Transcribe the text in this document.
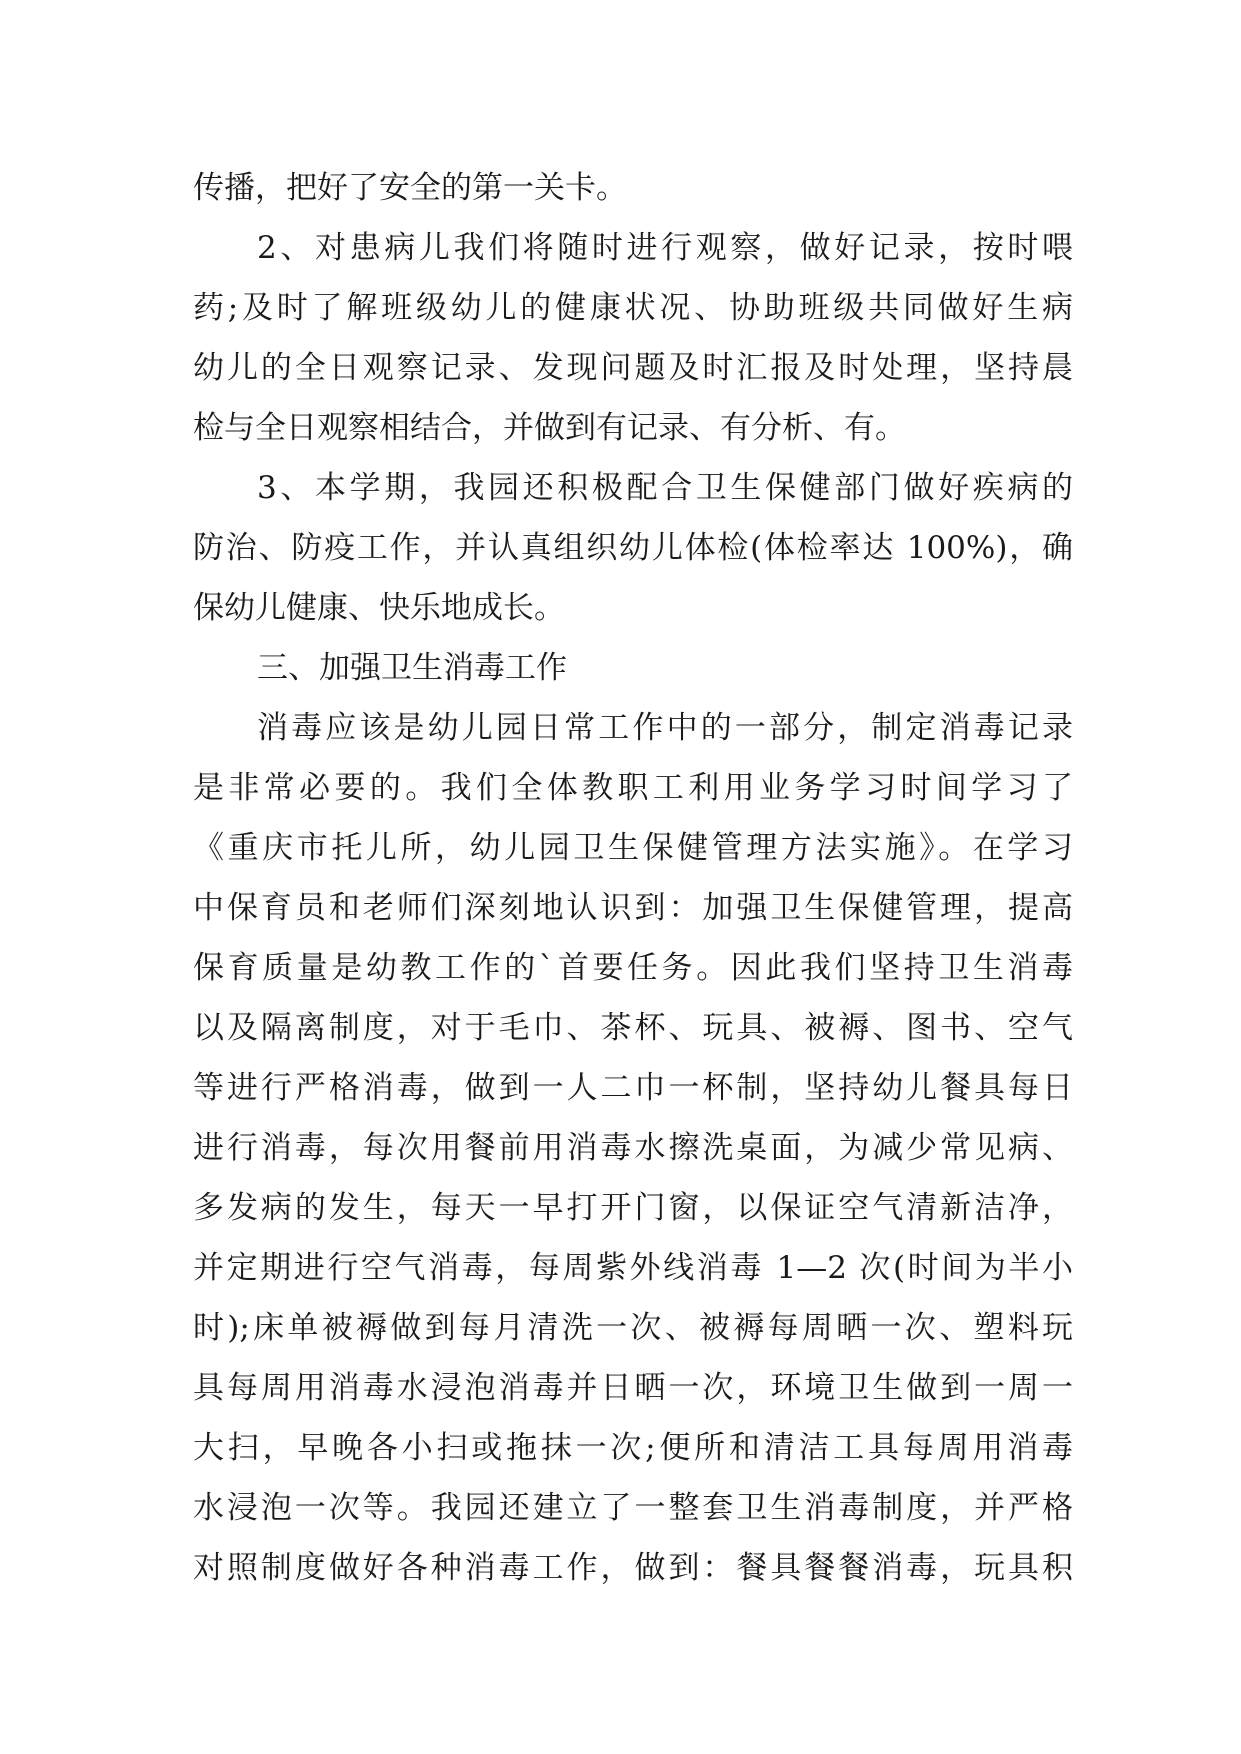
传播，把好了安全的第一关卡。
2、对患病儿我们将随时进行观察，做好记录，按时喂
药;及时了解班级幼儿的健康状况、协助班级共同做好生病
幼儿的全日观察记录、发现问题及时汇报及时处理，坚持晨
检与全日观察相结合，并做到有记录、有分析、有。
3、本学期，我园还积极配合卫生保健部门做好疾病的
防治、防疫工作，并认真组织幼儿体检(体检率达 100%)，确
保幼儿健康、快乐地成长。
三、加强卫生消毒工作
消毒应该是幼儿园日常工作中的一部分，制定消毒记录
是非常必要的。我们全体教职工利用业务学习时间学习了
《重庆市托儿所，幼儿园卫生保健管理方法实施》。在学习
中保育员和老师们深刻地认识到：加强卫生保健管理，提高
保育质量是幼教工作的`首要任务。因此我们坚持卫生消毒
以及隔离制度，对于毛巾、茶杯、玩具、被褥、图书、空气
等进行严格消毒，做到一人二巾一杯制，坚持幼儿餐具每日
进行消毒，每次用餐前用消毒水擦洗桌面，为减少常见病、
多发病的发生，每天一早打开门窗，以保证空气清新洁净，
并定期进行空气消毒，每周紫外线消毒 1—2 次(时间为半小
时);床单被褥做到每月清洗一次、被褥每周晒一次、塑料玩
具每周用消毒水浸泡消毒并日晒一次，环境卫生做到一周一
大扫，早晚各小扫或拖抹一次;便所和清洁工具每周用消毒
水浸泡一次等。我园还建立了一整套卫生消毒制度，并严格
对照制度做好各种消毒工作，做到：餐具餐餐消毒，玩具积
